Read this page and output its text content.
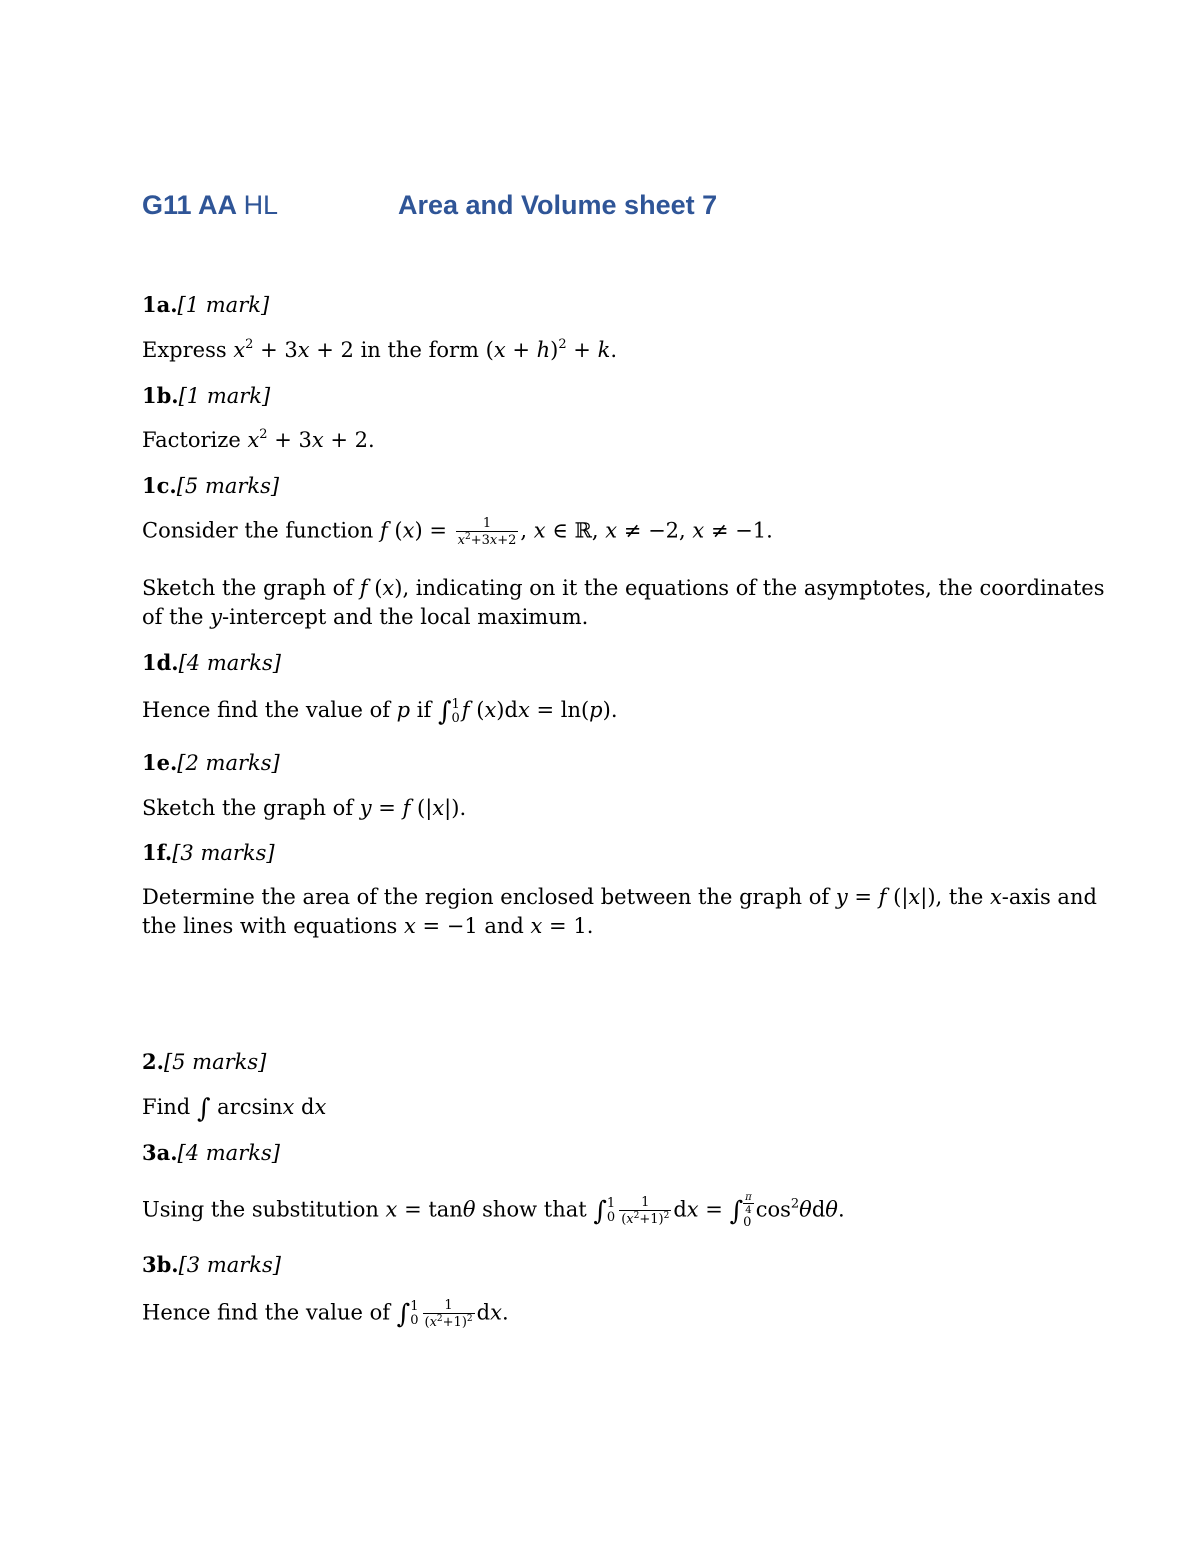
G11 AA HL	Area and Volume sheet 7
1a.[1 mark]
Express $x^2 + 3x + 2$ in the form $(x + h)^2 + k$.
1b.[1 mark]
Factorize $x^2 + 3x + 2$.
1c.[5 marks]
Consider the function f $(x) = \frac{1}{x^2+3x+2}$ , x ∈ ℝ, x ≠ −2, x ≠ −1.
Sketch the graph of f (x), indicating on it the equations of the asymptotes, the coordinates
of the y-intercept and the local maximum.
1d.[4 marks]
Hence find the value of p if ∫ 1
0 f (x)dx = ln(p).
1e.[2 marks]
Sketch the graph of y = f (|x|).
1f.[3 marks]
Determine the area of the region enclosed between the graph of y = f (|x|), the x-axis and
the lines with equations x = −1 and x = 1.
2.[5 marks]
Find ∫ arcsinx dx
3a.[4 marks]
Using the substitution x = tanθ show that ∫ 1
$0 \frac{1}{(x^2+1)^2}$ dx = ∫ π
4
0
$\cos^2\theta d\theta$.
3b.[3 marks]
Hence find the value of ∫ 1
$0 \frac{1}{(x^2+1)^2}$ dx.
